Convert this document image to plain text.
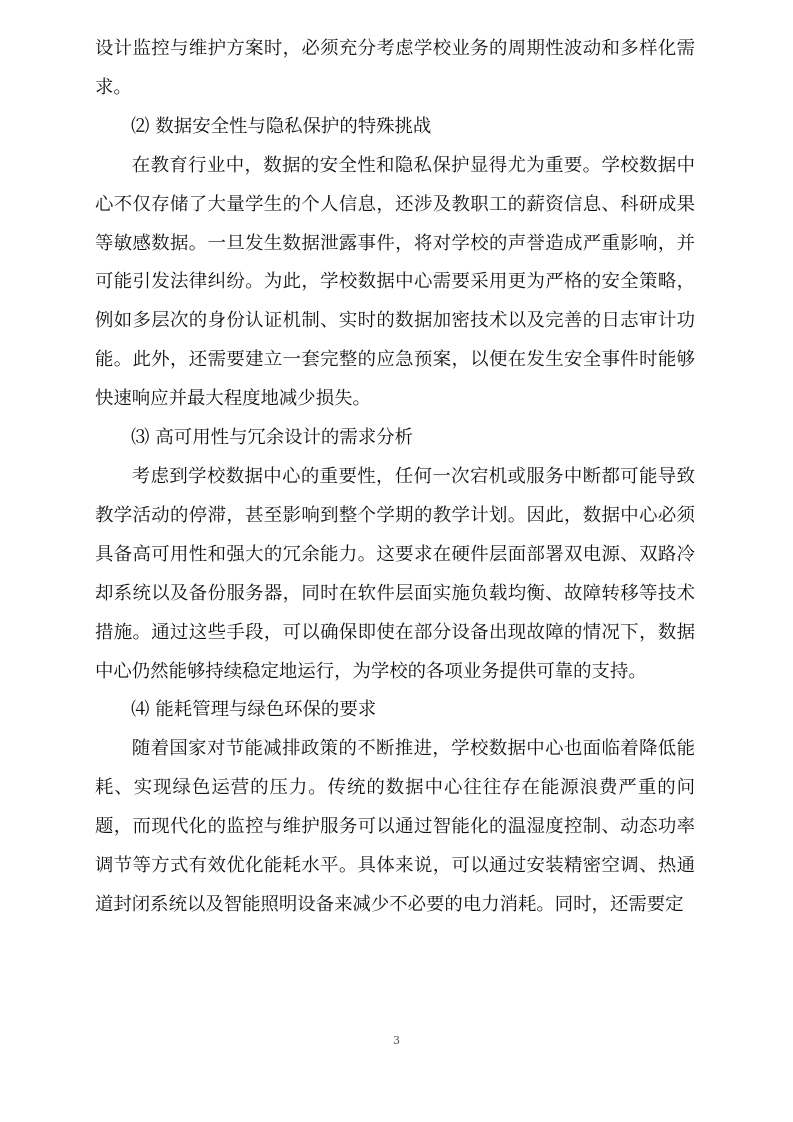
设计监控与维护方案时，必须充分考虑学校业务的周期性波动和多样化需求。

⑵ 数据安全性与隐私保护的特殊挑战

在教育行业中，数据的安全性和隐私保护显得尤为重要。学校数据中心不仅存储了大量学生的个人信息，还涉及教职工的薪资信息、科研成果等敏感数据。一旦发生数据泄露事件，将对学校的声誉造成严重影响，并可能引发法律纠纷。为此，学校数据中心需要采用更为严格的安全策略，例如多层次的身份认证机制、实时的数据加密技术以及完善的日志审计功能。此外，还需要建立一套完整的应急预案，以便在发生安全事件时能够快速响应并最大程度地减少损失。

⑶ 高可用性与冗余设计的需求分析

考虑到学校数据中心的重要性，任何一次宕机或服务中断都可能导致教学活动的停滞，甚至影响到整个学期的教学计划。因此，数据中心必须具备高可用性和强大的冗余能力。这要求在硬件层面部署双电源、双路冷却系统以及备份服务器，同时在软件层面实施负载均衡、故障转移等技术措施。通过这些手段，可以确保即使在部分设备出现故障的情况下，数据中心仍然能够持续稳定地运行，为学校的各项业务提供可靠的支持。

⑷ 能耗管理与绿色环保的要求

随着国家对节能减排政策的不断推进，学校数据中心也面临着降低能耗、实现绿色运营的压力。传统的数据中心往往存在能源浪费严重的问题，而现代化的监控与维护服务可以通过智能化的温湿度控制、动态功率调节等方式有效优化能耗水平。具体来说，可以通过安装精密空调、热通道封闭系统以及智能照明设备来减少不必要的电力消耗。同时，还需要定

3
